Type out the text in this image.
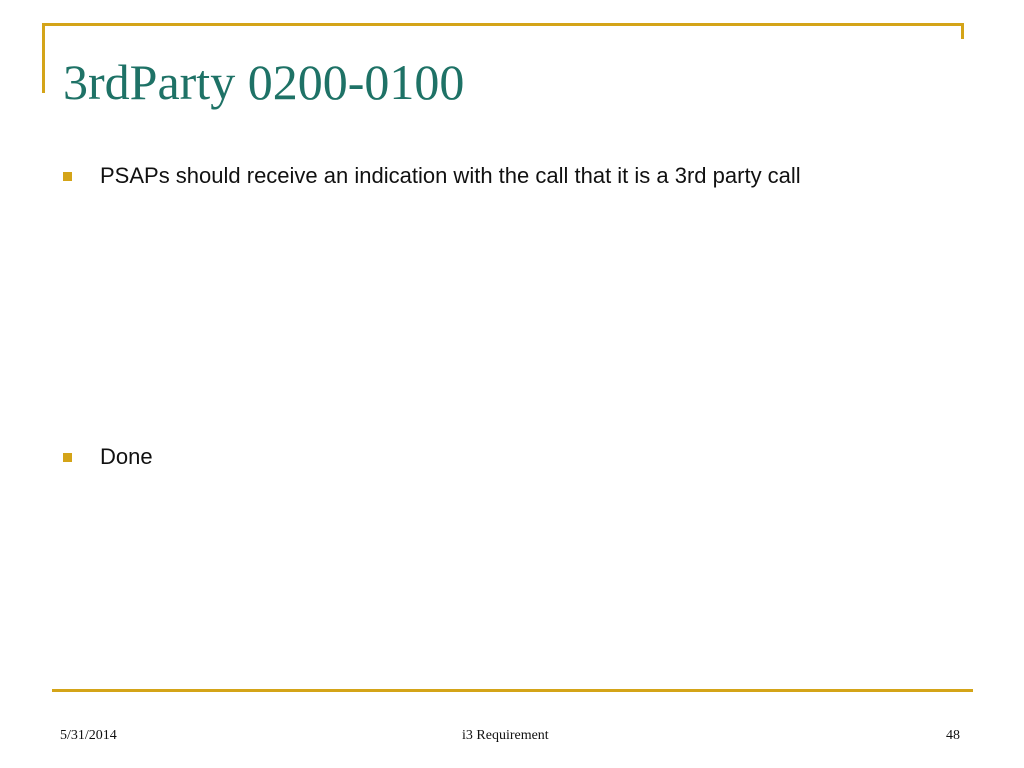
3rdParty 0200-0100
PSAPs should receive an indication with the call that it is a 3rd party call
Done
5/31/2014	i3 Requirement	48
